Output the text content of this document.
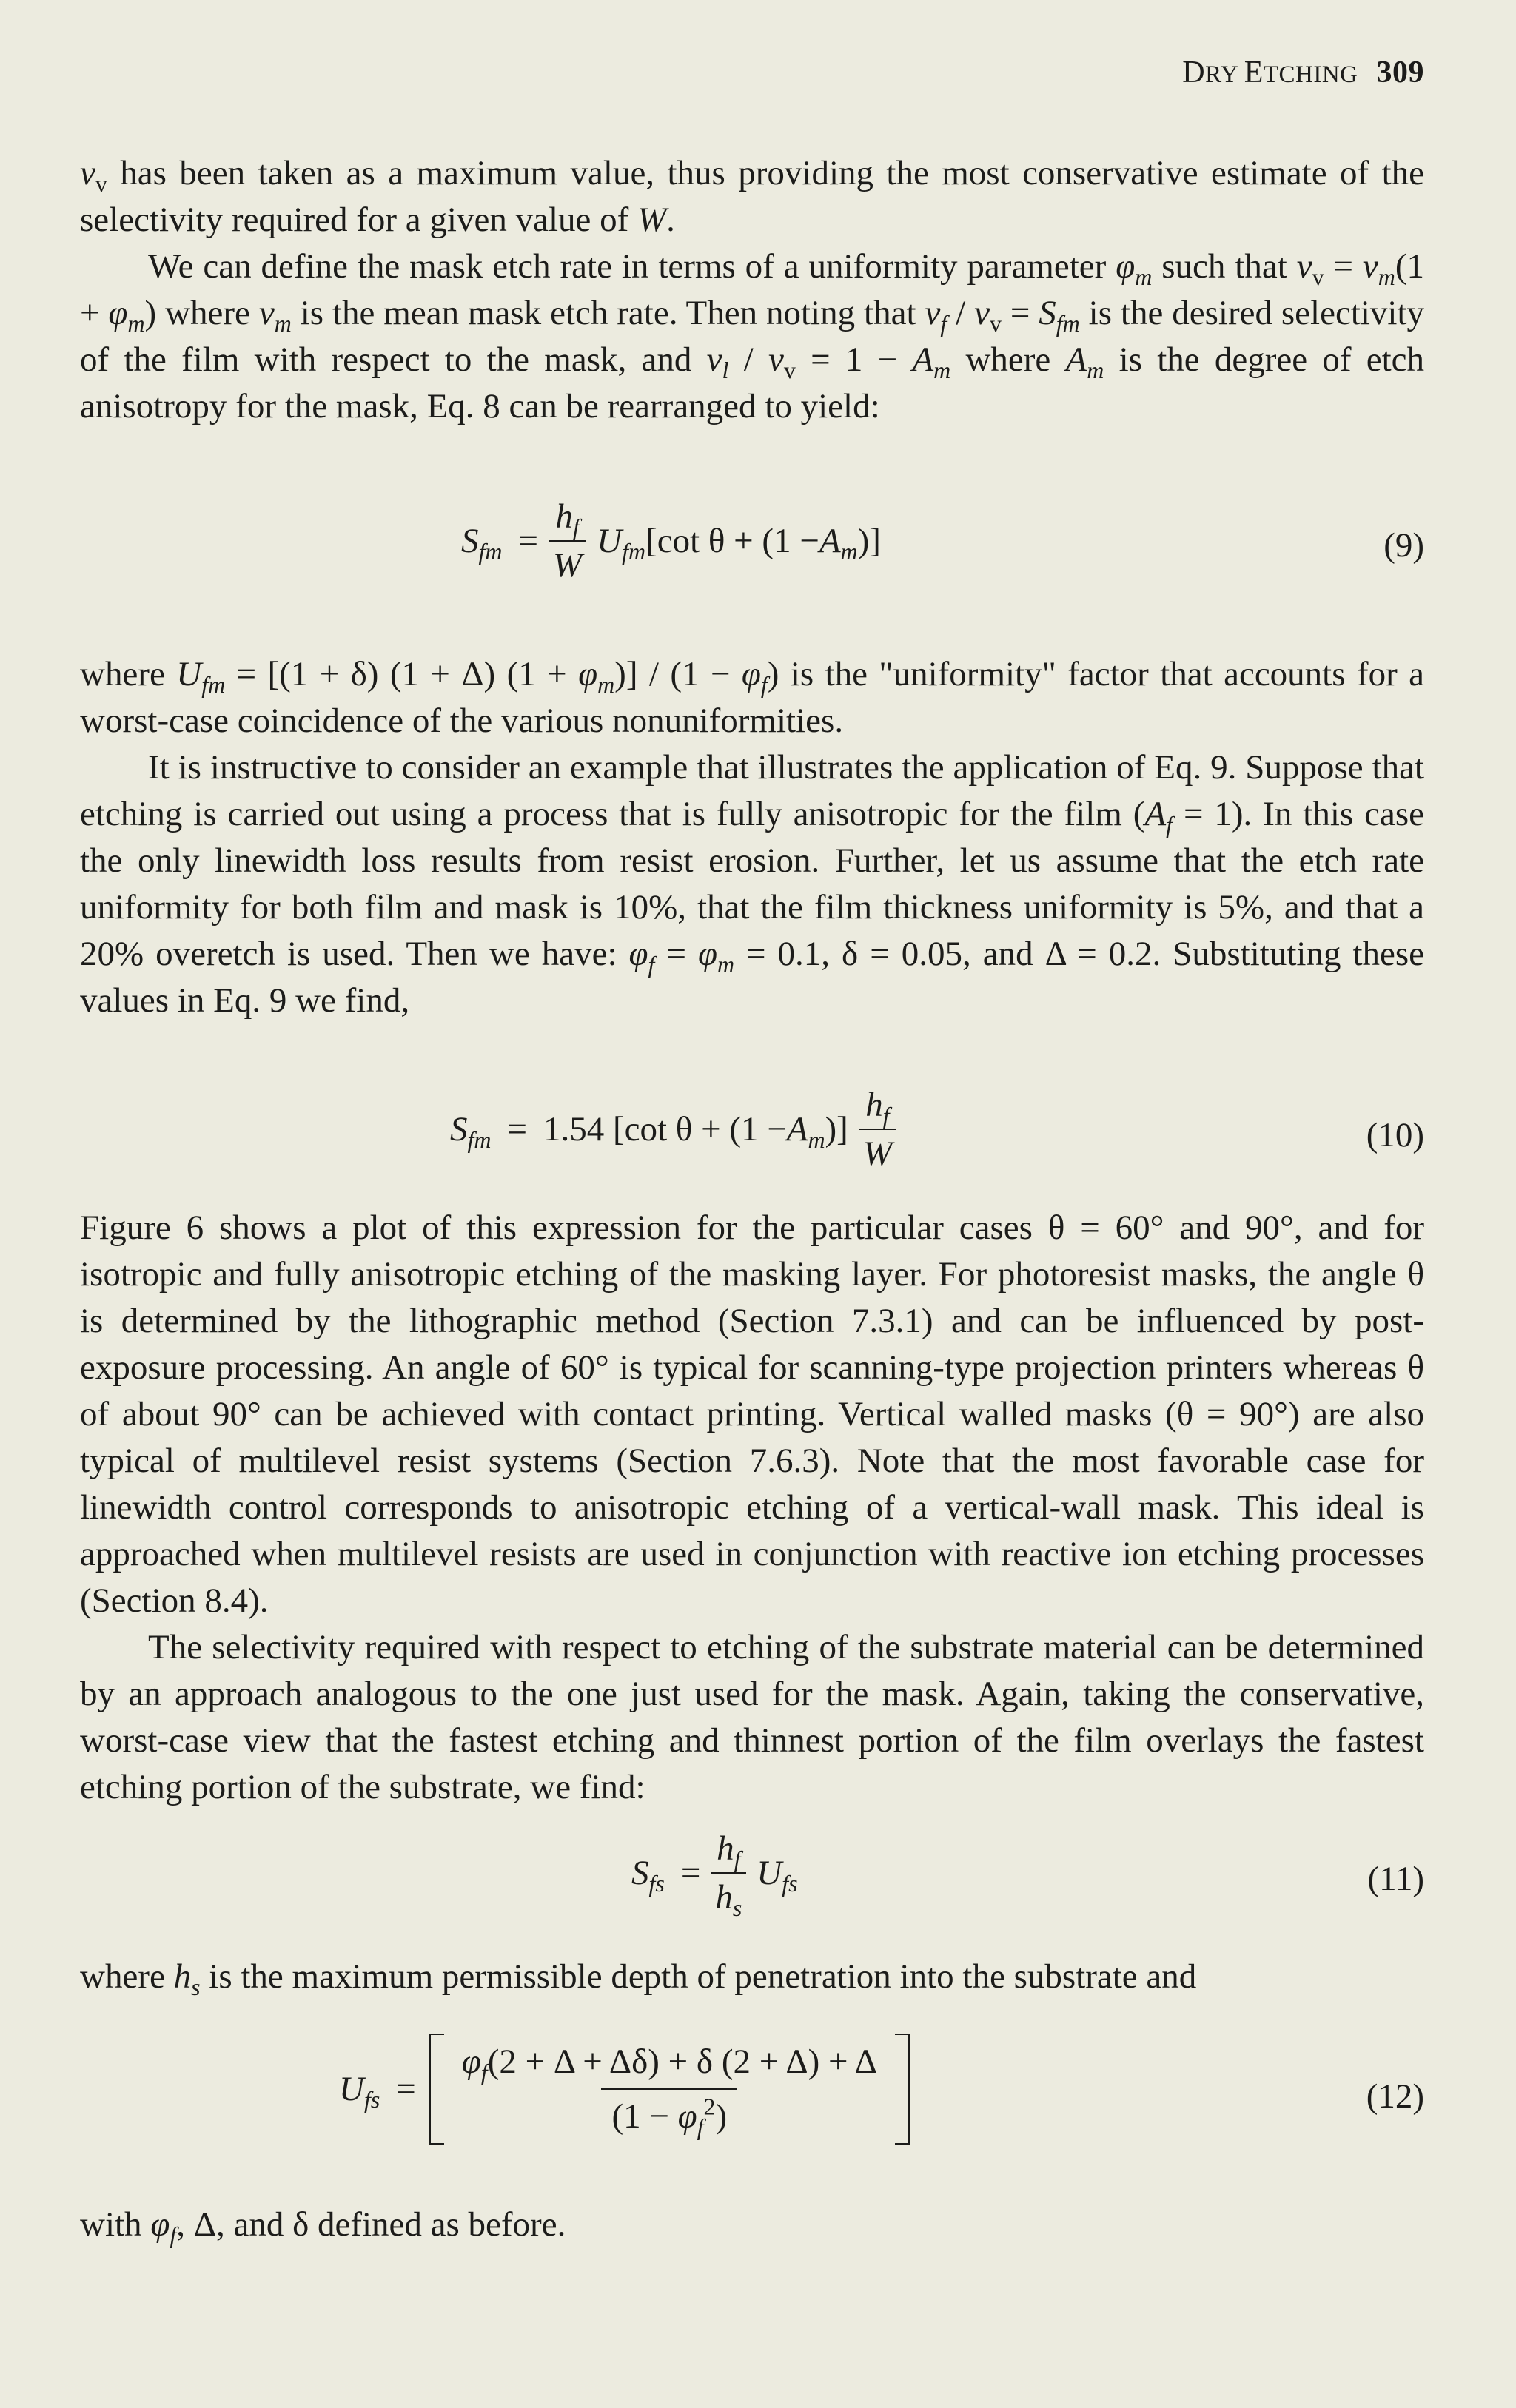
DRY ETCHING 309

$v_v$ has been taken as a maximum value, thus providing the most conservative estimate of the selectivity required for a given value of W.

We can define the mask etch rate in terms of a uniformity parameter $\varphi_m$ such that $v_v = v_m(1 + \varphi_m)$ where $v_m$ is the mean mask etch rate. Then noting that $v_f / v_v = S_{fm}$ is the desired selectivity of the film with respect to the mask, and $v_l / v_v = 1 - A_m$ where $A_m$ is the degree of etch anisotropy for the mask, Eq. 8 can be rearranged to yield:

$S_{fm} = \frac{h_f}{W} U_{fm}$ [cot $\theta + (1 - A_m$ )]	(9)

where $U_{fm} = [(1 + \delta) (1 + \Delta) (1 + \varphi_m)] / (1 - \varphi_f)$ is the "uniformity" factor that accounts for a worst-case coincidence of the various nonuniformities.

It is instructive to consider an example that illustrates the application of Eq. 9. Suppose that etching is carried out using a process that is fully anisotropic for the film $(A_f = 1)$. In this case the only linewidth loss results from resist erosion. Further, let us assume that the etch rate uniformity for both film and mask is 10%, that the film thickness uniformity is 5%, and that a 20% overetch is used. Then we have: $\varphi_f = \varphi_m = 0.1$, δ = 0.05, and Δ = 0.2. Substituting these values in Eq. 9 we find,

$S_{fm} = 1.54$ [cot $\theta + (1 - A_m$ )] $\frac{h_f}{W}$	(10)

Figure 6 shows a plot of this expression for the particular cases θ = 60° and 90°, and for isotropic and fully anisotropic etching of the masking layer. For photoresist masks, the angle θ is determined by the lithographic method (Section 7.3.1) and can be influenced by post-exposure processing. An angle of 60° is typical for scanning-type projection printers whereas θ of about 90° can be achieved with contact printing. Vertical walled masks (θ = 90°) are also typical of multilevel resist systems (Section 7.6.3). Note that the most favorable case for linewidth control corresponds to anisotropic etching of a vertical-wall mask. This ideal is approached when multilevel resists are used in conjunction with reactive ion etching processes (Section 8.4).

The selectivity required with respect to etching of the substrate material can be determined by an approach analogous to the one just used for the mask. Again, taking the conservative, worst-case view that the fastest etching and thinnest portion of the film overlays the fastest etching portion of the substrate, we find:

$S_{fs} = \frac{h_f}{h_s} U_{fs}$	(11)

where $h_s$ is the maximum permissible depth of penetration into the substrate and

$U_{fs} = \frac{\varphi_f(2 + \Delta + \Delta\delta) + \delta (2 + \Delta) + \Delta}{(1 - \varphi_f^2)}$	(12)

with $\varphi_f$, Δ, and δ defined as before.
